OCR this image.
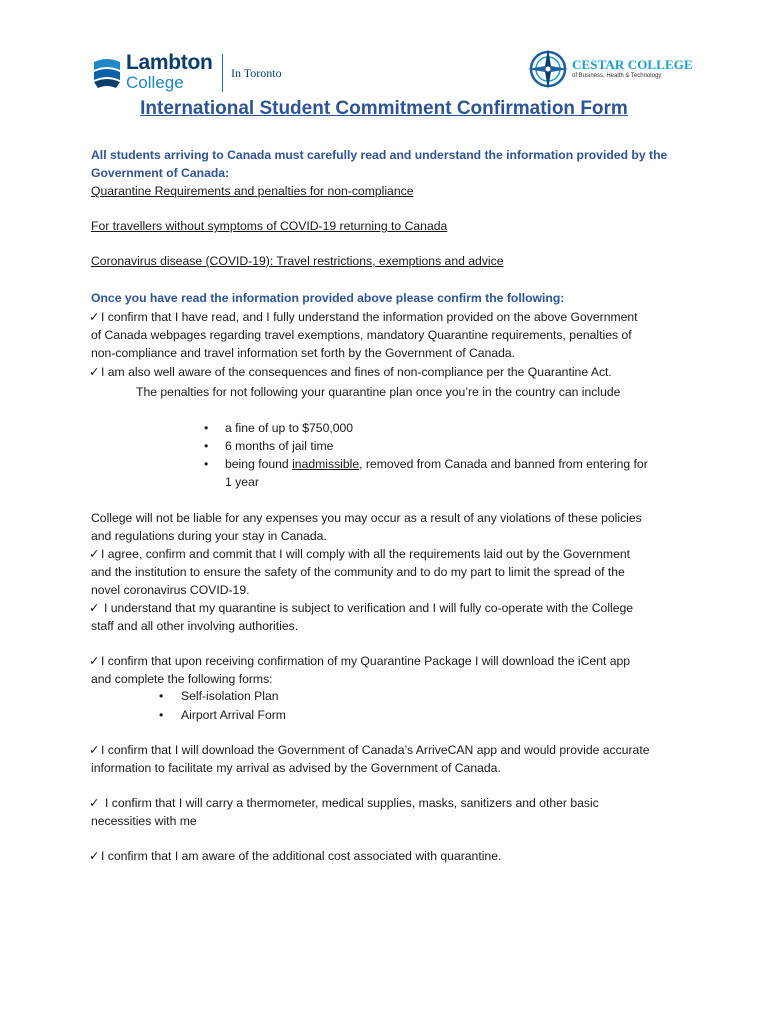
Lambton
College	In Toronto
CESTAR COLLEGE
of Business, Health & Technology
International Student Commitment Confirmation Form
All students arriving to Canada must carefully read and understand the information provided by the
Government of Canada:
Quarantine Requirements and penalties for non-compliance
For travellers without symptoms of COVID-19 returning to Canada
Coronavirus disease (COVID-19): Travel restrictions, exemptions and advice
Once you have read the information provided above please confirm the following:
✓ I confirm that I have read, and I fully understand the information provided on the above Government
of Canada webpages regarding travel exemptions, mandatory Quarantine requirements, penalties of
non-compliance and travel information set forth by the Government of Canada.
✓ I am also well aware of the consequences and fines of non-compliance per the Quarantine Act.
The penalties for not following your quarantine plan once you’re in the country can include
• a fine of up to $750,000
• 6 months of jail time
• being found inadmissible, removed from Canada and banned from entering for
1 year
College will not be liable for any expenses you may occur as a result of any violations of these policies
and regulations during your stay in Canada.
✓ I agree, confirm and commit that I will comply with all the requirements laid out by the Government
and the institution to ensure the safety of the community and to do my part to limit the spread of the
novel coronavirus COVID-19.
✓ I understand that my quarantine is subject to verification and I will fully co-operate with the College
staff and all other involving authorities.
✓ I confirm that upon receiving confirmation of my Quarantine Package I will download the iCent app
and complete the following forms:
• Self-isolation Plan
• Airport Arrival Form
✓ I confirm that I will download the Government of Canada’s ArriveCAN app and would provide accurate
information to facilitate my arrival as advised by the Government of Canada.
✓ I confirm that I will carry a thermometer, medical supplies, masks, sanitizers and other basic
necessities with me
✓ I confirm that I am aware of the additional cost associated with quarantine.
